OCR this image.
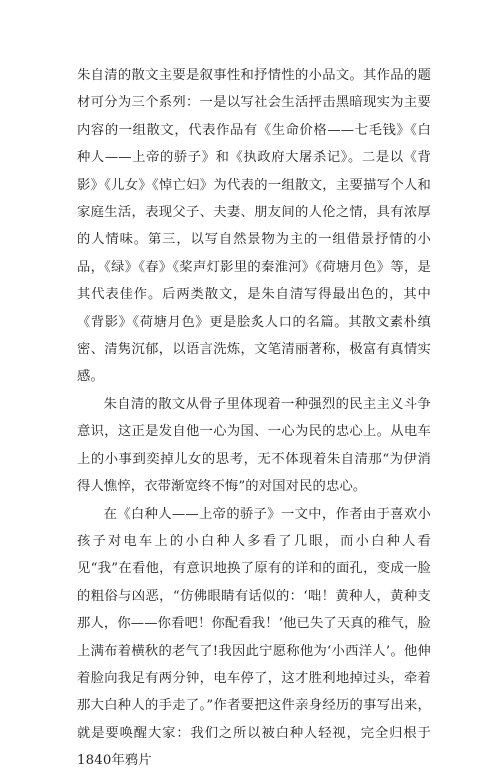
朱自清的散文主要是叙事性和抒情性的小品文。其作品的题材可分为三个系列：一是以写社会生活抨击黑暗现实为主要内容的一组散文，代表作品有《生命价格——七毛钱》《白种人——上帝的骄子》和《执政府大屠杀记》。二是以《背影》《儿女》《悼亡妇》为代表的一组散文，主要描写个人和家庭生活，表现父子、夫妻、朋友间的人伦之情，具有浓厚的人情味。第三，以写自然景物为主的一组借景抒情的小品，《绿》《春》《桨声灯影里的秦淮河》《荷塘月色》等，是其代表佳作。后两类散文，是朱自清写得最出色的，其中《背影》《荷塘月色》更是脍炙人口的名篇。其散文素朴缜密、清隽沉郁，以语言洗炼，文笔清丽著称，极富有真情实感。

朱自清的散文从骨子里体现着一种强烈的民主主义斗争意识，这正是发自他一心为国、一心为民的忠心上。从电车上的小事到奕掉儿女的思考，无不体现着朱自清那“为伊消得人憔悴，衣带渐宽终不悔”的对国对民的忠心。

在《白种人——上帝的骄子》一文中，作者由于喜欢小孩子对电车上的小白种人多看了几眼，而小白种人看见“我”在看他，有意识地换了原有的详和的面孔，变成一脸的粗俗与凶恶，“仿佛眼睛有话似的：‘咄！黄种人，黄种支那人，你——你看吧！你配看我！’他已失了天真的稚气，脸上满布着横秋的老气了!我因此宁愿称他为‘小西洋人’。他伸着脸向我足有两分钟，电车停了，这才胜利地掉过头，牵着那大白种人的手走了。”作者要把这件亲身经历的事写出来，就是要唤醒大家：我们之所以被白种人轻视，完全归根于1840年鸦片
